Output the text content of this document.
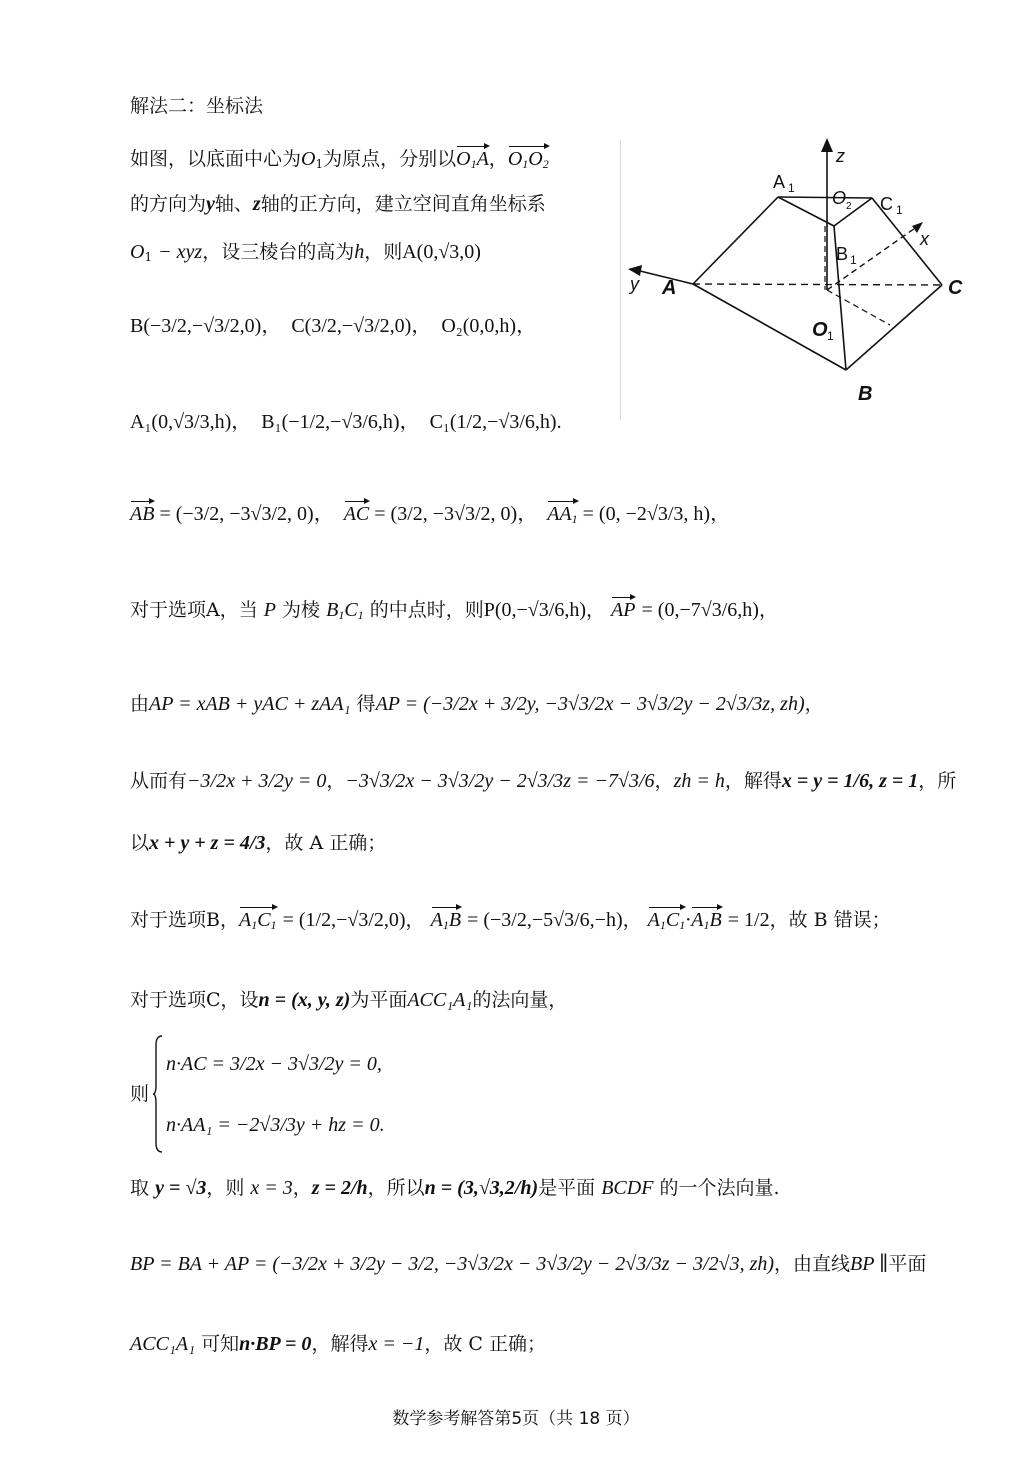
解法二：坐标法
如图，以底面中心为$O_1$为原点，分别以$O_1A$，$O_1O_2$
的方向为y轴、z轴的正方向，建立空间直角坐标系
$O_1$ − xyz，设三棱台的高为h，则A(0,√3,0)
B(−3/2,−√3/2,0)，  C(3/2,−√3/2,0)，  O₂(0,0,h)，
A₁(0,√3/3,h)，  B₁(−1/2,−√3/6,h)，  C₁(1/2,−√3/6,h).
AB = (−3/2, −3√3/2, 0)，  AC = (3/2, −3√3/2, 0)，  $AA_1 = (0$, −2√3/3, h)，
对于选项A，当 P 为棱 $B_1C_1$ 的中点时，则P(0,−√3/6,h)， AP = (0,−7√3/6,h)，
由AP = xAB + yAC + zAA₁ 得AP = (−3/2x + 3/2y, −3√3/2x − 3√3/2y − 2√3/3z, zh)，
从而有−3/2x + 3/2y = 0，−3√3/2x − 3√3/2y − 2√3/3z = −7√3/6，zh = h，解得x = y = 1/6, z = 1，所
以x + y + z = 4/3，故 A 正确；
对于选项B，$A_1C_1 = (1/2,-√3/2,0)$， $A_1B = (-3/2,-5√3/6,-h)$， $A_1C_1\cdot A_1B = 1/2$，故 B 错误；
对于选项C，设n = (x, y, z)为平面ACC₁A₁的法向量，
则
n·AC = 3/2x − 3√3/2y = 0,
n·AA₁ = −2√3/3y + hz = 0.
取 y = √3，则 x = 3，z = 2/h，所以n = (3,√3,2/h)是平面 BCDF 的一个法向量.
BP = BA + AP = (−3/2x + 3/2y − 3/2, −3√3/2x − 3√3/2y − 2√3/3z − 3/2√3, zh)，由直线BP ∥平面
ACC₁A₁ 可知n·BP = 0，解得x = −1，故 C 正确；
z
A
O C
x
y A
B
C
O
B
1
2	1
1
1
数学参考解答第5页（共 18 页）
